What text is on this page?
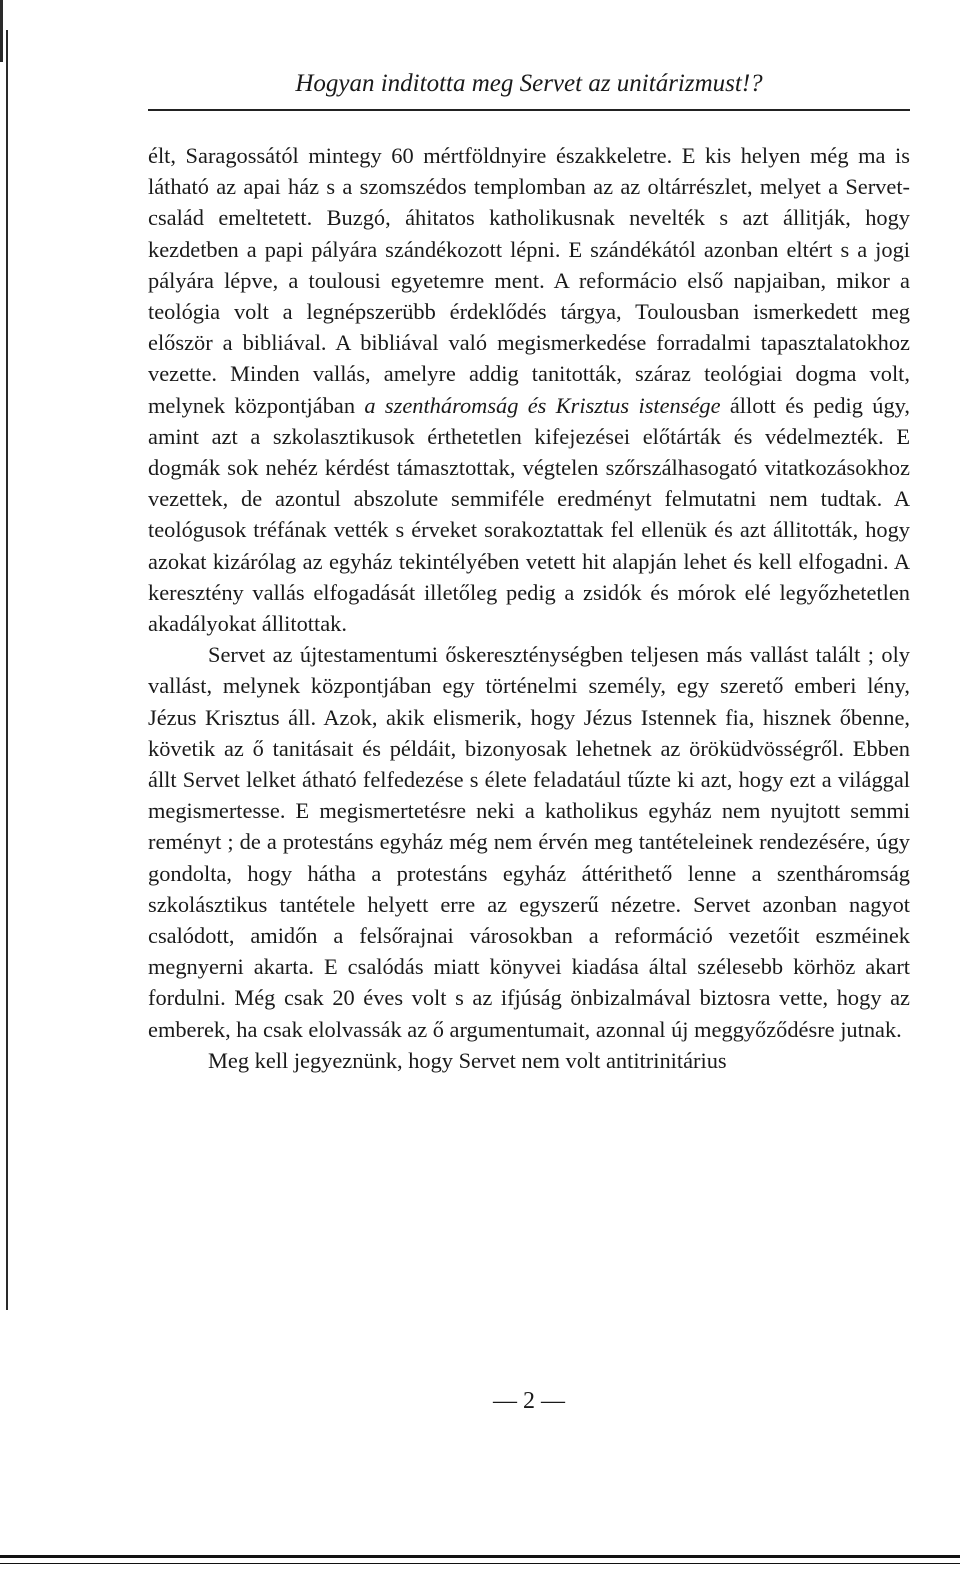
Hogyan inditotta meg Servet az unitárizmust!?

élt, Saragossától mintegy 60 mértföldnyire északkeletre. E kis helyen még ma is látható az apai ház s a szomszédos templomban az az oltárrészlet, melyet a Servet-család emeltetett. Buzgó, áhitatos katholikusnak nevelték s azt állitják, hogy kezdetben a papi pályára szándékozott lépni. E szándékától azonban eltért s a jogi pályára lépve, a toulousi egyetemre ment. A reformácio első napjaiban, mikor a teológia volt a legnépszerübb érdeklődés tárgya, Toulousban ismerkedett meg először a bibliával. A bibliával való megismerkedése forradalmi tapasztalatokhoz vezette. Minden vallás, amelyre addig tanitották, száraz teológiai dogma volt, melynek központjában a szentháromság és Krisztus istensége állott és pedig úgy, amint azt a szkolasztikusok érthetetlen kifejezései előtárták és védelmezték. E dogmák sok nehéz kérdést támasztottak, végtelen szőrszálhasogató vitatkozásokhoz vezettek, de azontul abszolute semmiféle eredményt felmutatni nem tudtak. A teológusok tréfának vették s érveket sorakoztattak fel ellenük és azt állitották, hogy azokat kizárólag az egyház tekintélyében vetett hit alapján lehet és kell elfogadni. A keresztény vallás elfogadását illetőleg pedig a zsidók és mórok elé legyőzhetetlen akadályokat állitottak.

Servet az újtestamentumi őskereszténységben teljesen más vallást talált ; oly vallást, melynek központjában egy történelmi személy, egy szerető emberi lény, Jézus Krisztus áll. Azok, akik elismerik, hogy Jézus Istennek fia, hisznek őbenne, követik az ő tanitásait és példáit, bizonyosak lehetnek az öröküdvösségről. Ebben állt Servet lelket átható felfedezése s élete feladatául tűzte ki azt, hogy ezt a világgal megismertesse. E megismertetésre neki a katholikus egyház nem nyujtott semmi reményt ; de a protestáns egyház még nem érvén meg tantételeinek rendezésére, úgy gondolta, hogy hátha a protestáns egyház áttérithető lenne a szentháromság szkolásztikus tantétele helyett erre az egyszerű nézetre. Servet azonban nagyot csalódott, amidőn a felsőrajnai városokban a reformáció vezetőit eszméinek megnyerni akarta. E csalódás miatt könyvei kiadása által szélesebb körhöz akart fordulni. Még csak 20 éves volt s az ifjúság önbizalmával biztosra vette, hogy az emberek, ha csak elolvassák az ő argumentumait, azonnal új meggyőződésre jutnak.

Meg kell jegyeznünk, hogy Servet nem volt antitrinitárius

— 2 —
